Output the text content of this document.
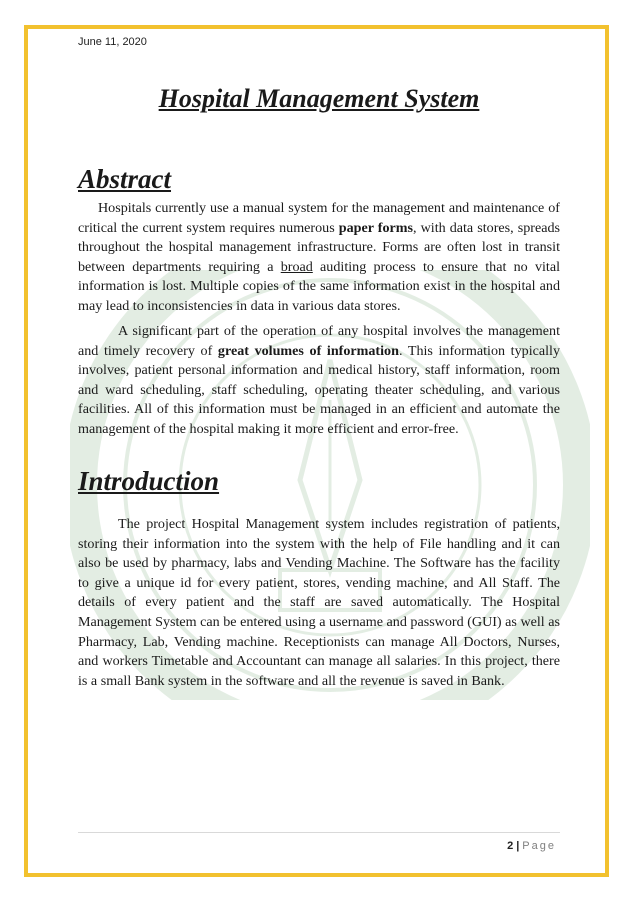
June 11, 2020
Hospital Management System
Abstract

Hospitals currently use a manual system for the management and maintenance of critical the current system requires numerous paper forms, with data stores, spreads throughout the hospital management infrastructure. Forms are often lost in transit between departments requiring a broad auditing process to ensure that no vital information is lost. Multiple copies of the same information exist in the hospital and may lead to inconsistencies in data in various data stores.

A significant part of the operation of any hospital involves the management and timely recovery of great volumes of information. This information typically involves, patient personal information and medical history, staff information, room and ward scheduling, staff scheduling, operating theater scheduling, and various facilities. All of this information must be managed in an efficient and automate the management of the hospital making it more efficient and error-free.

Introduction

The project Hospital Management system includes registration of patients, storing their information into the system with the help of File handling and it can also be used by pharmacy, labs and Vending Machine. The Software has the facility to give a unique id for every patient, stores, vending machine, and All Staff. The details of every patient and the staff are saved automatically. The Hospital Management System can be entered using a username and password (GUI) as well as Pharmacy, Lab, Vending machine. Receptionists can manage All Doctors, Nurses, and workers Timetable and Accountant can manage all salaries. In this project, there is a small Bank system in the software and all the revenue is saved in Bank.

2 | Page
